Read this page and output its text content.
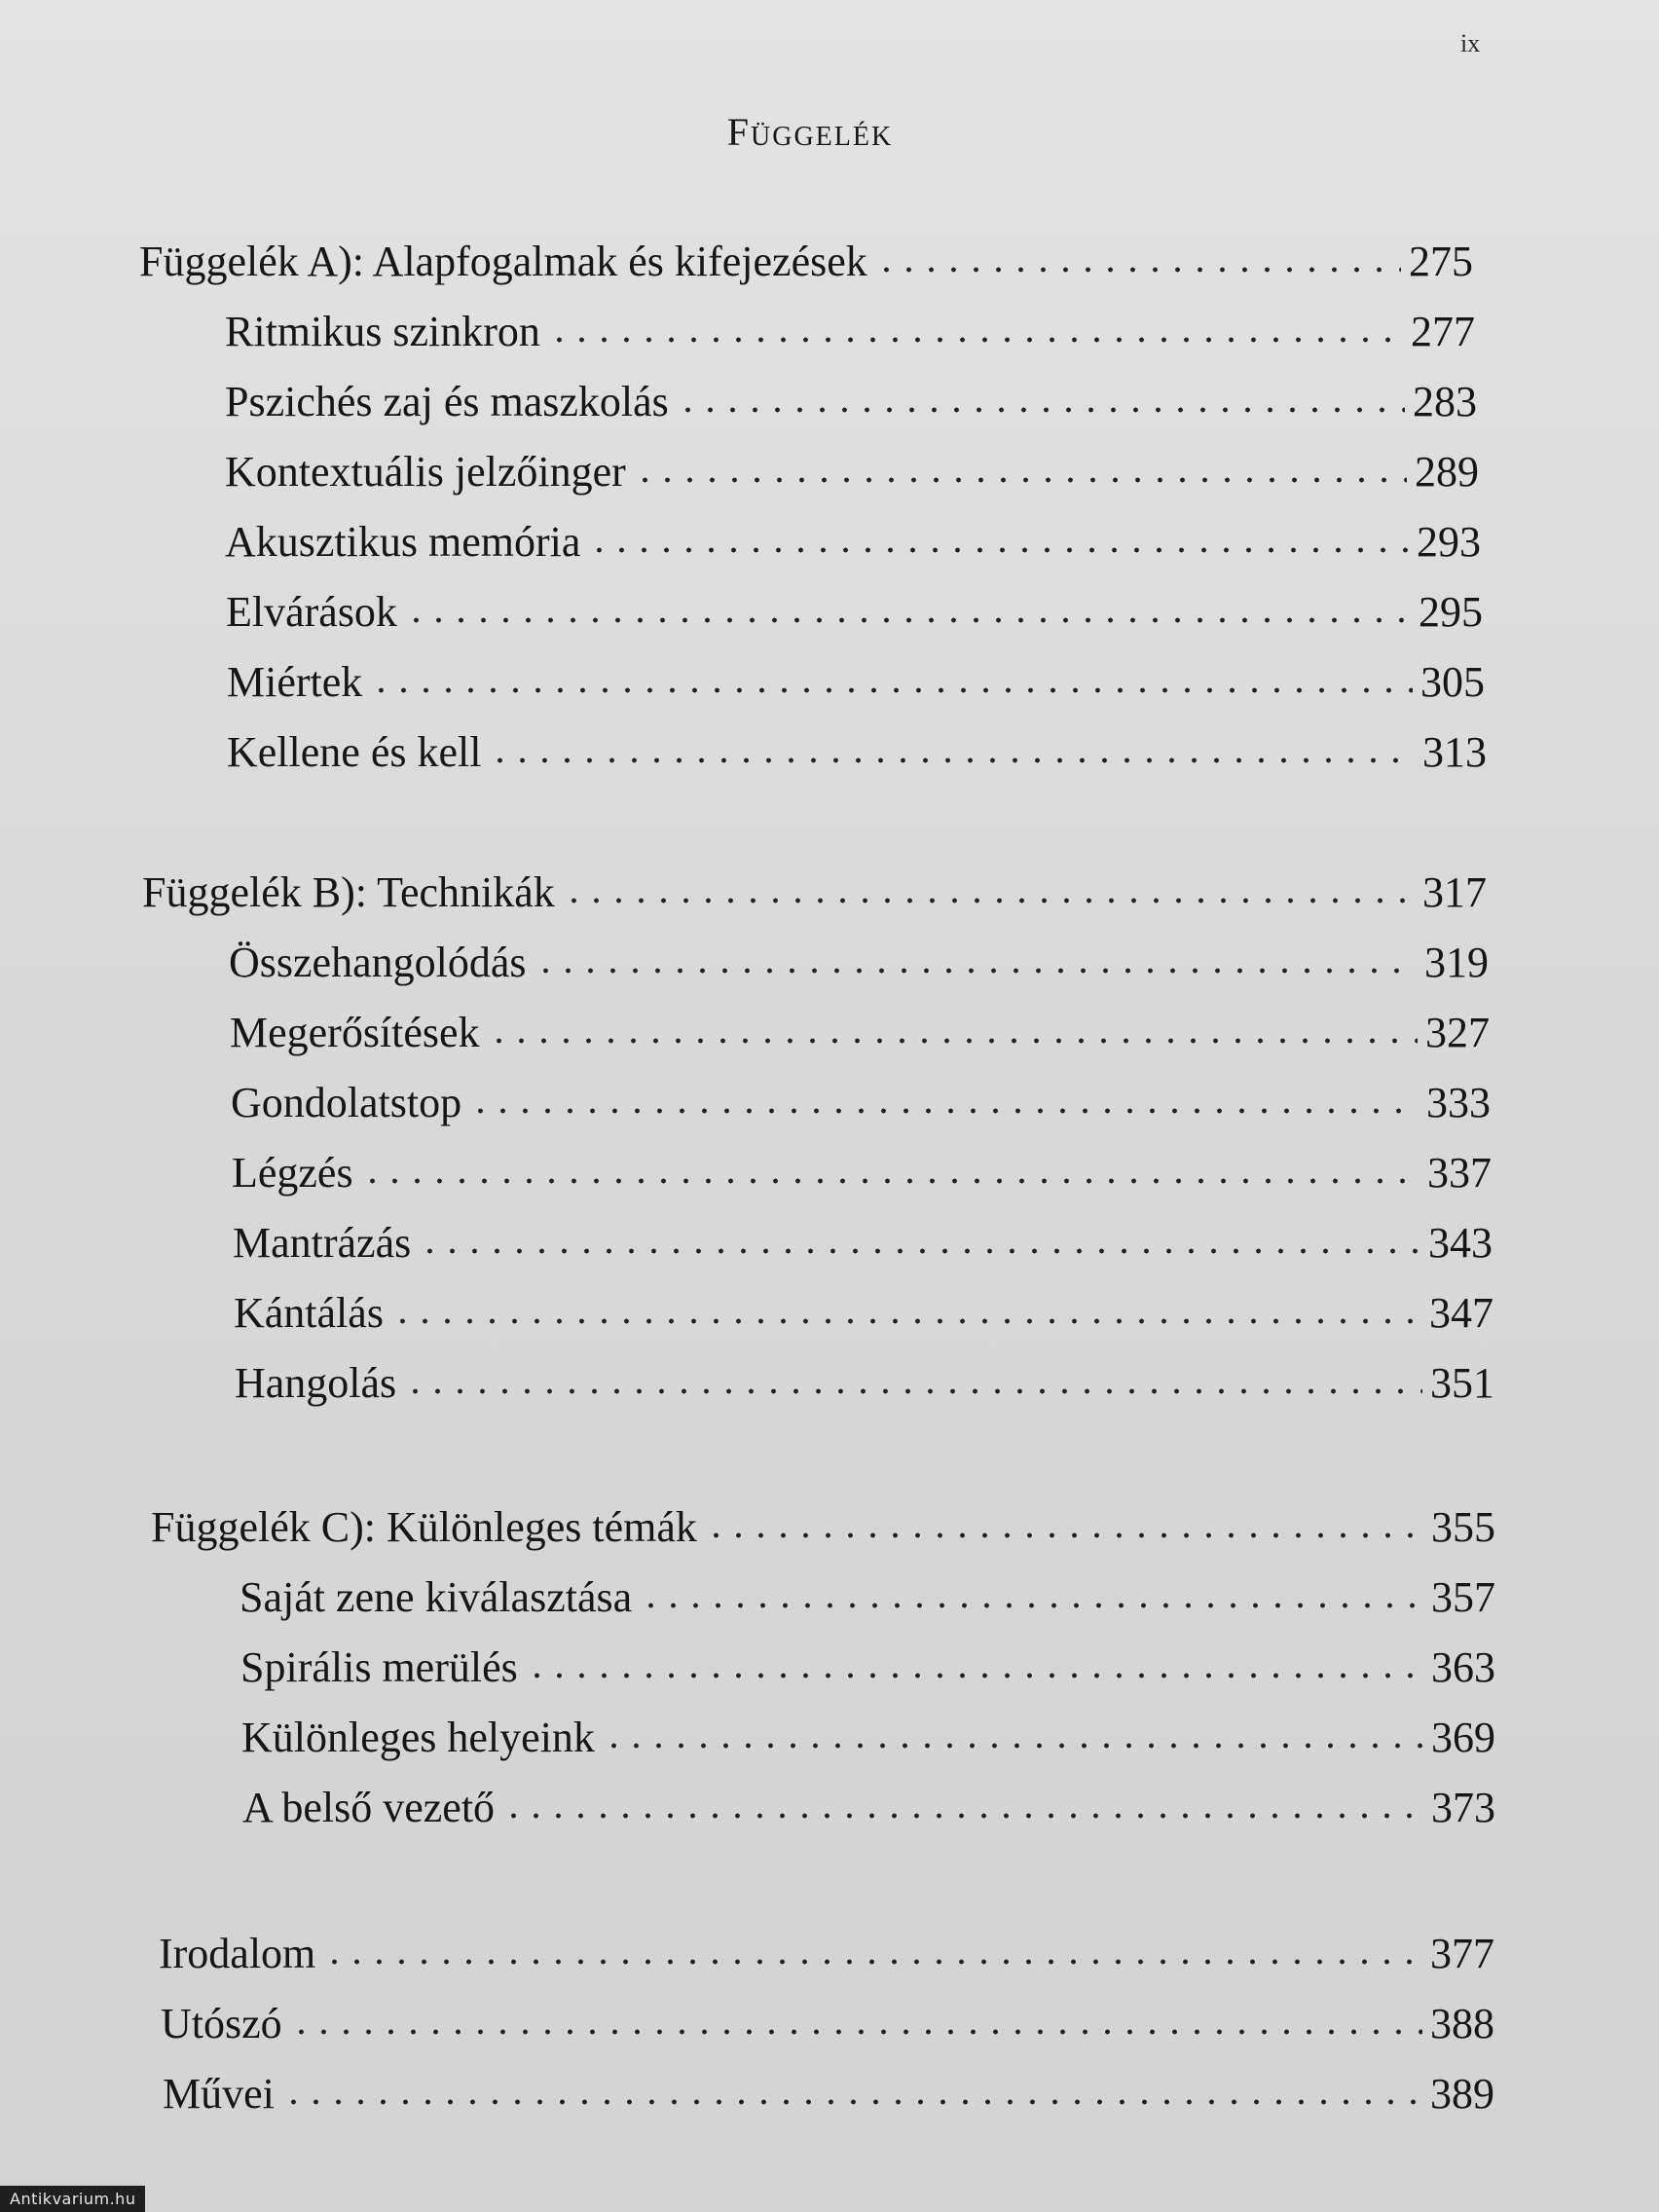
ix
Függelék
Függelék A): Alapfogalmak és kifejezések	275
Ritmikus szinkron	277
Pszichés zaj és maszkolás	283
Kontextuális jelzőinger	289
Akusztikus memória	293
Elvárások	295
Miértek	305
Kellene és kell	313
Függelék B): Technikák	317
Összehangolódás	319
Megerősítések	327
Gondolatstop	333
Légzés	337
Mantrázás	343
Kántálás	347
Hangolás	351
Függelék C): Különleges témák	355
Saját zene kiválasztása	357
Spirális merülés	363
Különleges helyeink	369
A belső vezető	373
Irodalom	377
Utószó	388
Művei	389
Antikvarium.hu
